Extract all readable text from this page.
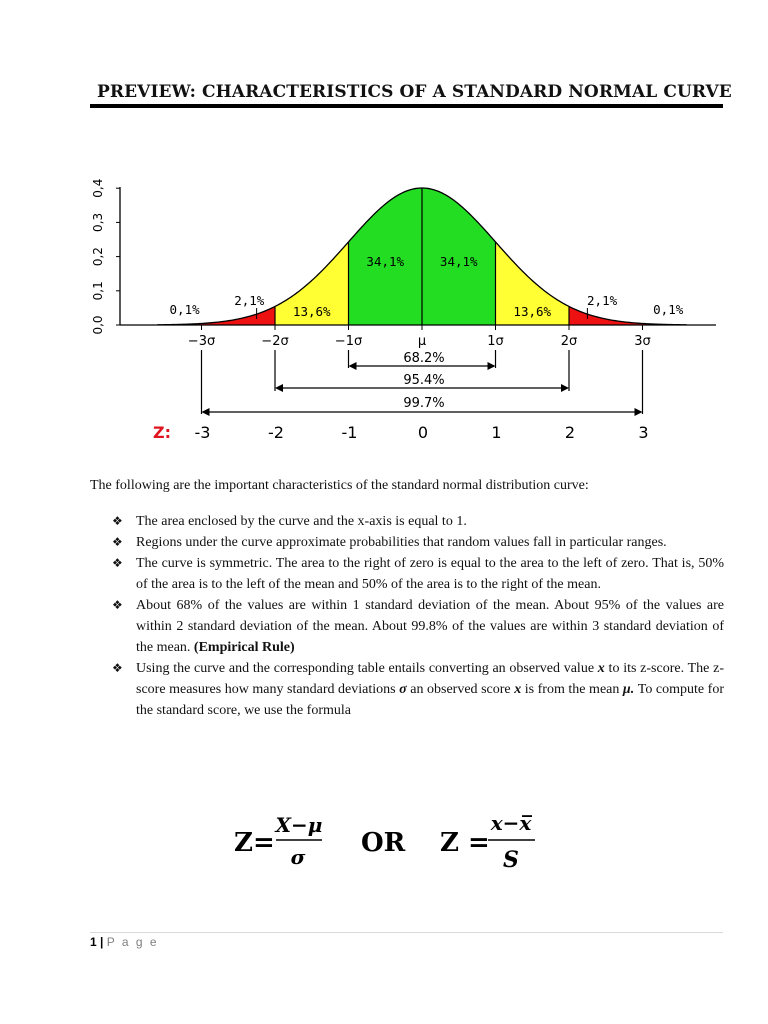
PREVIEW: CHARACTERISTICS OF A STANDARD NORMAL CURVE
0,0
0,1
0,2
0,3
0,4
−3σ	−2σ	−1σ	μ	1σ	2σ	3σ
34,1%	34,1%
13,6%	13,6%
2,1%	2,1%
0,1%	0,1%
68.2%
95.4%
99.7%
Z: -3	-2	-1	0	1	2	3
The following are the important characteristics of the standard normal distribution curve:
❖ The area enclosed by the curve and the x-axis is equal to 1.
❖ Regions under the curve approximate probabilities that random values fall in particular ranges.
❖ The curve is symmetric. The area to the right of zero is equal to the area to the left of zero. That is, 50% of the area is to the left of the mean and 50% of the area is to the right of the mean.
❖ About 68% of the values are within 1 standard deviation of the mean. About 95% of the values are within 2 standard deviation of the mean. About 99.8% of the values are within 3 standard deviation of the mean. (Empirical Rule)
❖ Using the curve and the corresponding table entails converting an observed value x to its z-score. The z-score measures how many standard deviations σ an observed score x is from the mean μ. To compute for the standard score, we use the formula
Z=
X−μ
σ OR Z =
x−x̅
S
1 | P a g e
